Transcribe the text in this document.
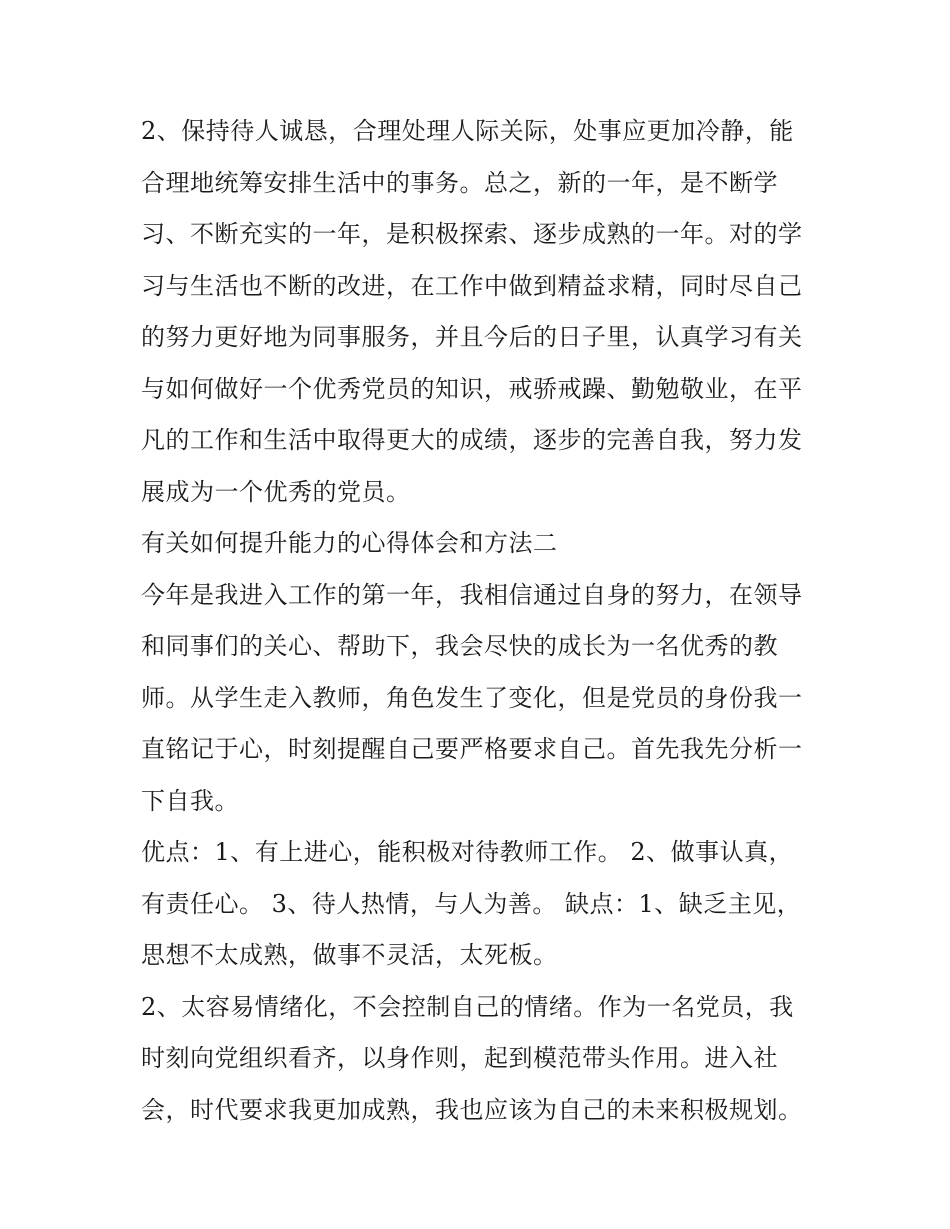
2、保持待人诚恳，合理处理人际关际，处事应更加冷静，能

合理地统筹安排生活中的事务。总之，新的一年，是不断学

习、不断充实的一年，是积极探索、逐步成熟的一年。对的学

习与生活也不断的改进，在工作中做到精益求精，同时尽自己

的努力更好地为同事服务，并且今后的日子里，认真学习有关

与如何做好一个优秀党员的知识，戒骄戒躁、勤勉敬业，在平

凡的工作和生活中取得更大的成绩，逐步的完善自我，努力发

展成为一个优秀的党员。

有关如何提升能力的心得体会和方法二

今年是我进入工作的第一年，我相信通过自身的努力，在领导

和同事们的关心、帮助下，我会尽快的成长为一名优秀的教

师。从学生走入教师，角色发生了变化，但是党员的身份我一

直铭记于心，时刻提醒自己要严格要求自己。首先我先分析一

下自我。

优点：1、有上进心，能积极对待教师工作。 2、做事认真，

有责任心。 3、待人热情，与人为善。 缺点：1、缺乏主见，

思想不太成熟，做事不灵活，太死板。

2、太容易情绪化，不会控制自己的情绪。作为一名党员，我

时刻向党组织看齐，以身作则，起到模范带头作用。进入社

会，时代要求我更加成熟，我也应该为自己的未来积极规划。
